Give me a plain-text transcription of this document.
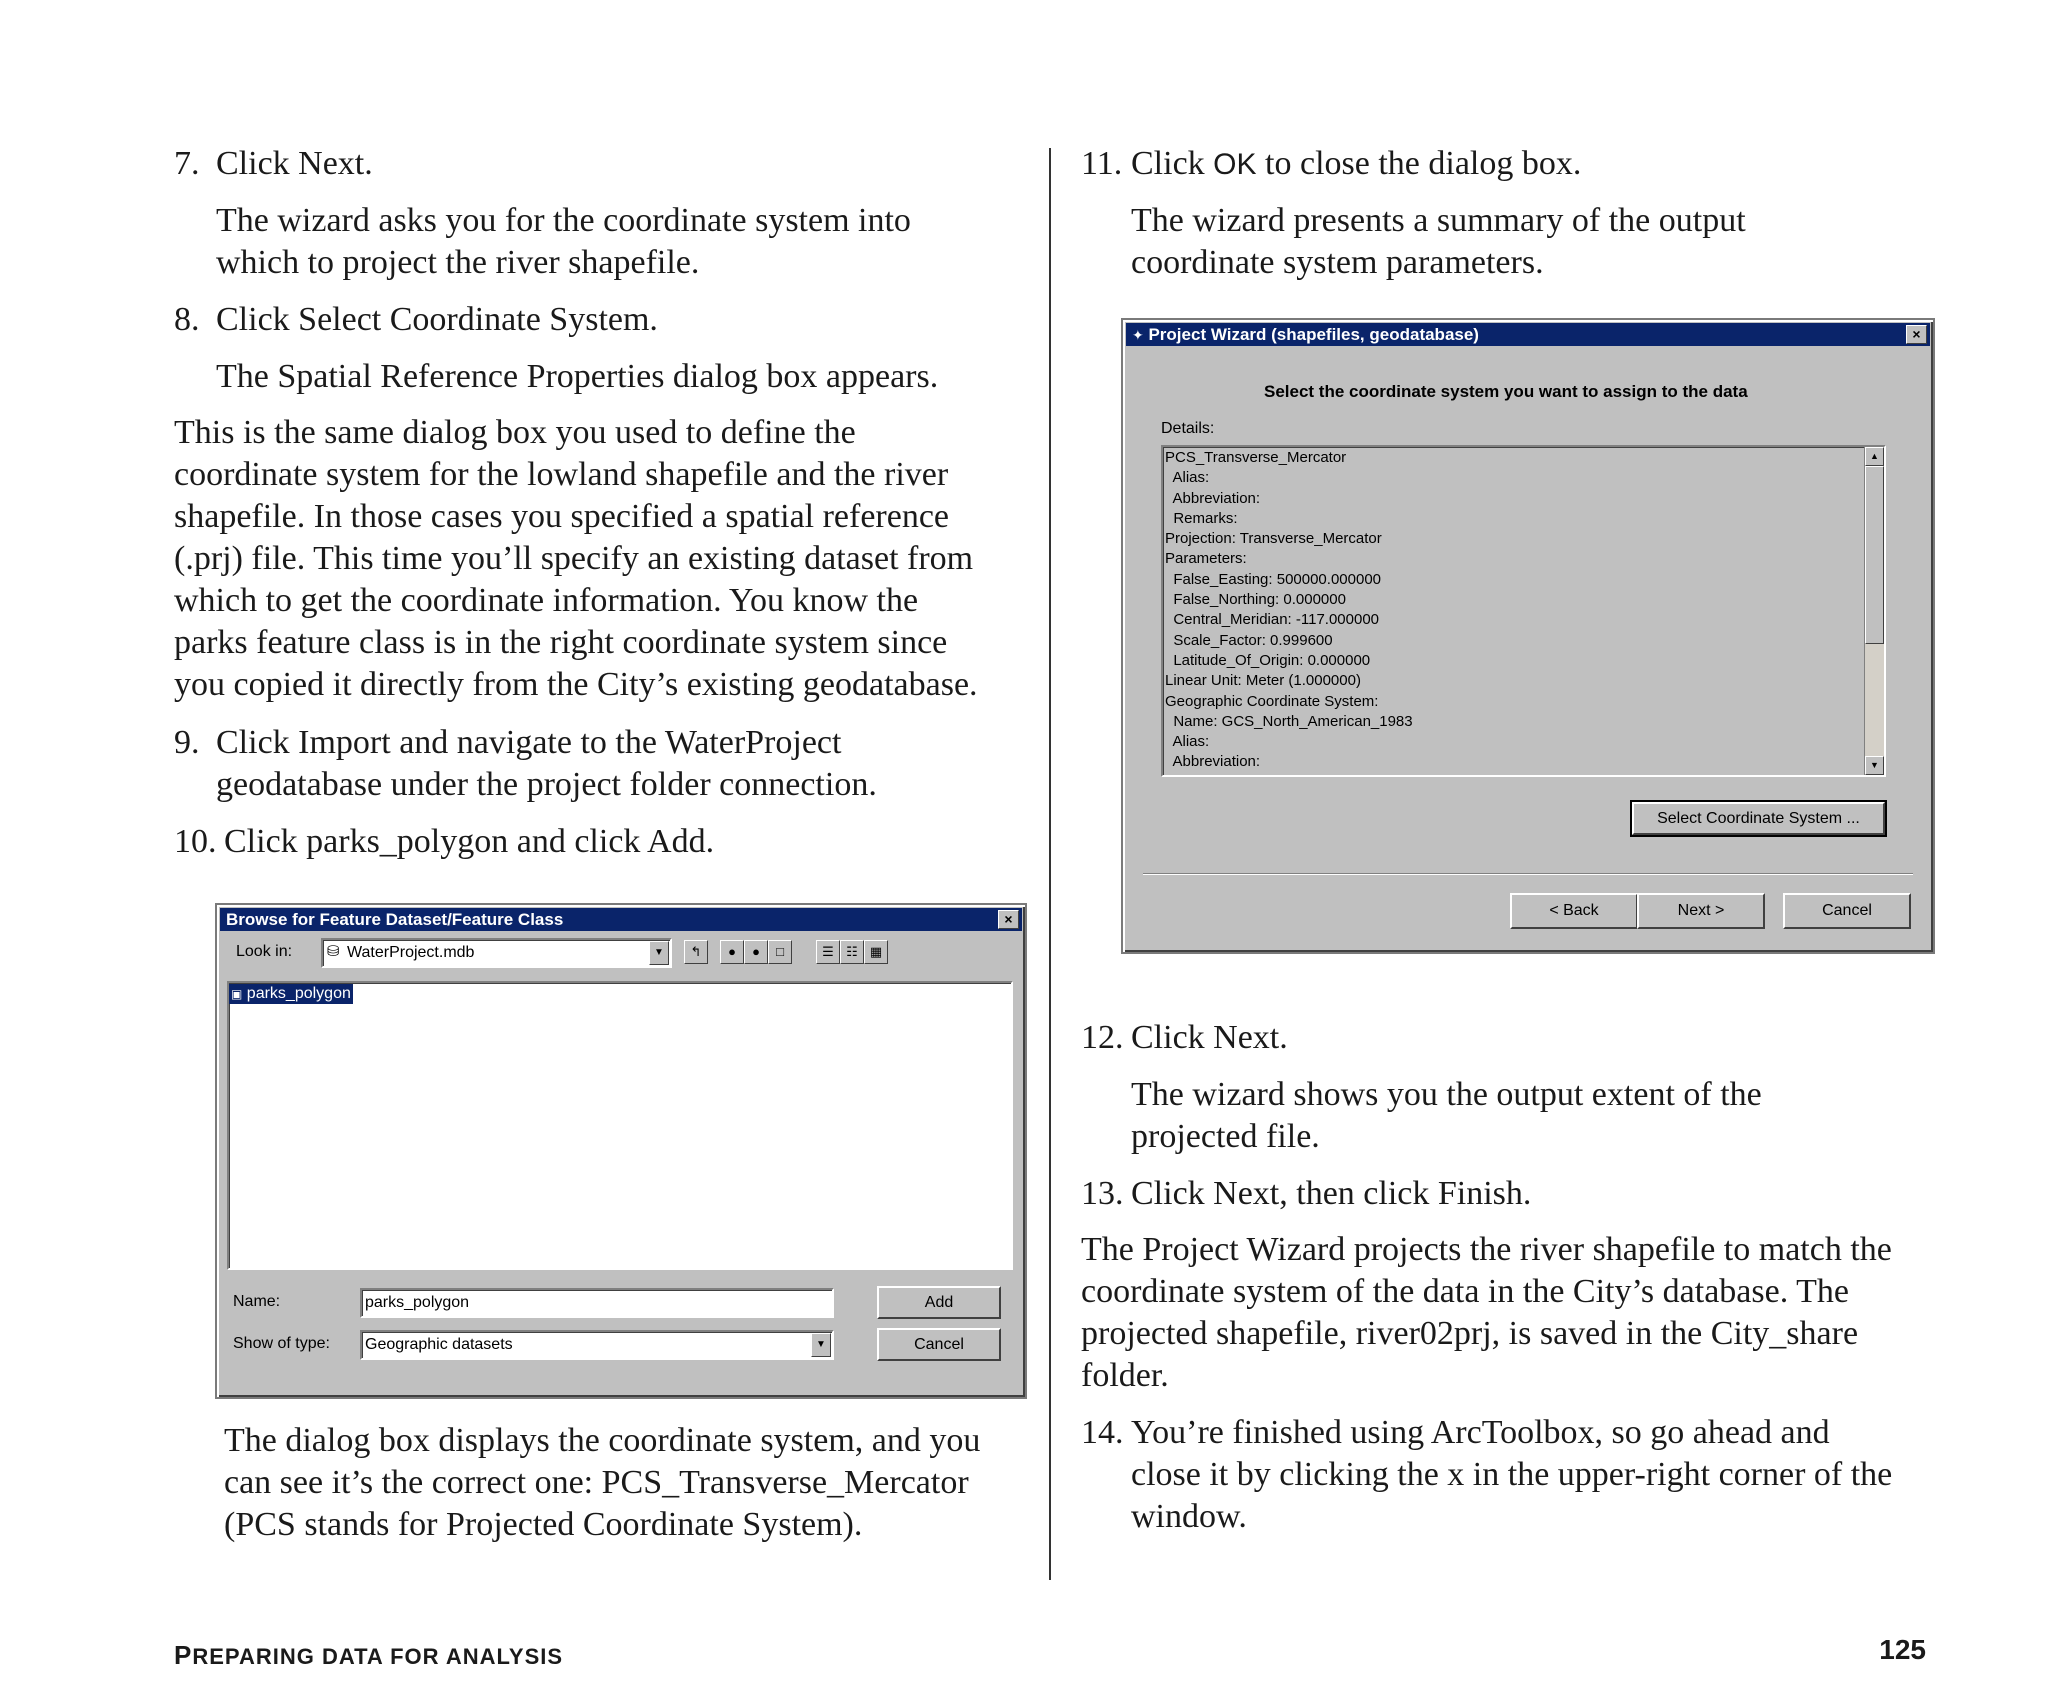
7. Click Next.
The wizard asks you for the coordinate system into
which to project the river shapefile.
8. Click Select Coordinate System.
The Spatial Reference Properties dialog box appears.
This is the same dialog box you used to define the
coordinate system for the lowland shapefile and the river
shapefile. In those cases you specified a spatial reference
(.prj) file. This time you’ll specify an existing dataset from
which to get the coordinate information. You know the
parks feature class is in the right coordinate system since
you copied it directly from the City’s existing geodatabase.
9. Click Import and navigate to the WaterProject
geodatabase under the project folder connection.
10. Click parks_polygon and click Add.
Browse for Feature Dataset/Feature Class	×
Look in: ⛁ WaterProject.mdb	▼	↰	●	●	□	☰ ☷ ▦
▣ parks_polygon
Name:	parks_polygon	Add
Show of type: Geographic datasets	▼	Cancel
The dialog box displays the coordinate system, and you
can see it’s the correct one: PCS_Transverse_Mercator
(PCS stands for Projected Coordinate System).
11. Click OK to close the dialog box.
The wizard presents a summary of the output
coordinate system parameters.
✦ Project Wizard (shapefiles, geodatabase)	×
Select the coordinate system you want to assign to the data
Details:
PCS_Transverse_Mercator
Alias:
Abbreviation:
Remarks:
Projection: Transverse_Mercator
Parameters:
False_Easting: 500000.000000
False_Northing: 0.000000
Central_Meridian: -117.000000
Scale_Factor: 0.999600
Latitude_Of_Origin: 0.000000
Linear Unit: Meter (1.000000)
Geographic Coordinate System:
Name: GCS_North_American_1983
Alias:
Abbreviation:
▲
▼
Select Coordinate System ...
< Back	Next >	Cancel
12. Click Next.
The wizard shows you the output extent of the
projected file.
13. Click Next, then click Finish.
The Project Wizard projects the river shapefile to match the
coordinate system of the data in the City’s database. The
projected shapefile, river02prj, is saved in the City_share
folder.
14. You’re finished using ArcToolbox, so go ahead and
close it by clicking the x in the upper-right corner of the
window.
PREPARING DATA FOR ANALYSIS	125
